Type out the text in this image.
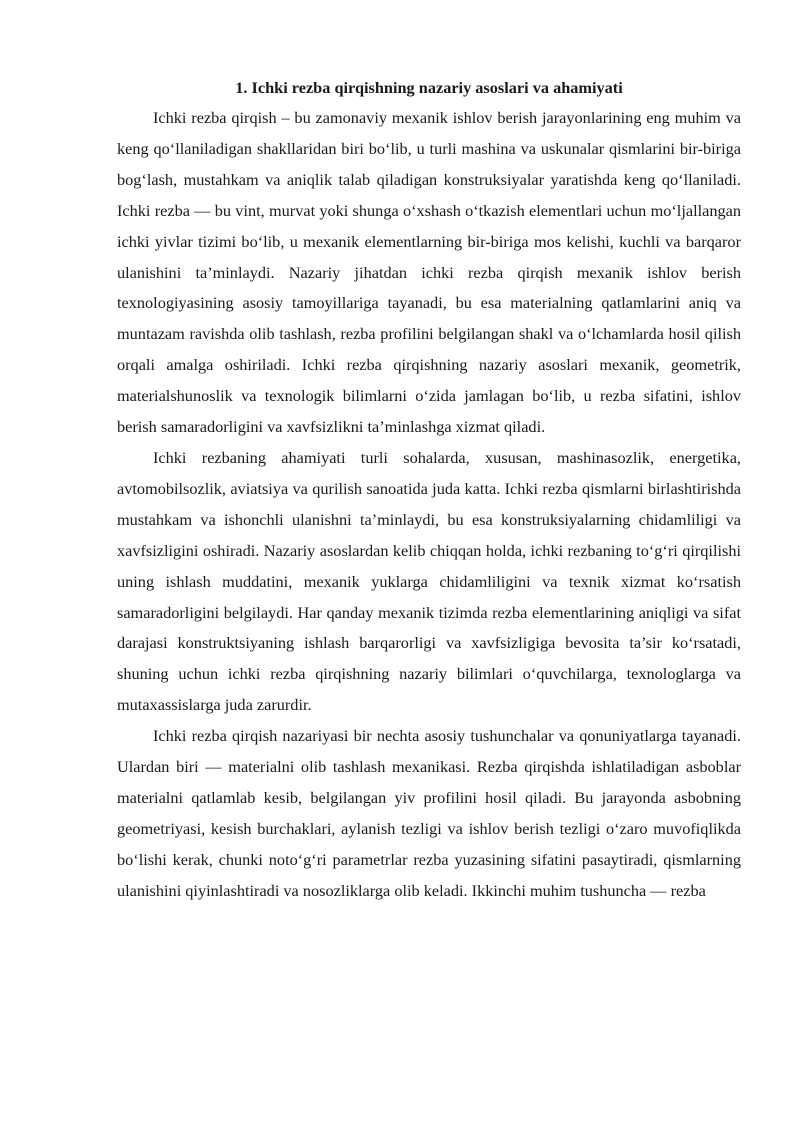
1. Ichki rezba qirqishning nazariy asoslari va ahamiyati

Ichki rezba qirqish – bu zamonaviy mexanik ishlov berish jarayonlarining eng muhim va keng qo‘llaniladigan shakllaridan biri bo‘lib, u turli mashina va uskunalar qismlarini bir-biriga bog‘lash, mustahkam va aniqlik talab qiladigan konstruksiyalar yaratishda keng qo‘llaniladi. Ichki rezba — bu vint, murvat yoki shunga o‘xshash o‘tkazish elementlari uchun mo‘ljallangan ichki yivlar tizimi bo‘lib, u mexanik elementlarning bir-biriga mos kelishi, kuchli va barqaror ulanishini ta’minlaydi. Nazariy jihatdan ichki rezba qirqish mexanik ishlov berish texnologiyasining asosiy tamoyillariga tayanadi, bu esa materialning qatlamlarini aniq va muntazam ravishda olib tashlash, rezba profilini belgilangan shakl va o‘lchamlarda hosil qilish orqali amalga oshiriladi. Ichki rezba qirqishning nazariy asoslari mexanik, geometrik, materialshunoslik va texnologik bilimlarni o‘zida jamlagan bo‘lib, u rezba sifatini, ishlov berish samaradorligini va xavfsizlikni ta’minlashga xizmat qiladi.

Ichki rezbaning ahamiyati turli sohalarda, xususan, mashinasozlik, energetika, avtomobilsozlik, aviatsiya va qurilish sanoatida juda katta. Ichki rezba qismlarni birlashtirishda mustahkam va ishonchli ulanishni ta’minlaydi, bu esa konstruksiyalarning chidamliligi va xavfsizligini oshiradi. Nazariy asoslardan kelib chiqqan holda, ichki rezbaning to‘g‘ri qirqilishi uning ishlash muddatini, mexanik yuklarga chidamliligini va texnik xizmat ko‘rsatish samaradorligini belgilaydi. Har qanday mexanik tizimda rezba elementlarining aniqligi va sifat darajasi konstruktsiyaning ishlash barqarorligi va xavfsizligiga bevosita ta’sir ko‘rsatadi, shuning uchun ichki rezba qirqishning nazariy bilimlari o‘quvchilarga, texnologlarga va mutaxassislarga juda zarurdir.

Ichki rezba qirqish nazariyasi bir nechta asosiy tushunchalar va qonuniyatlarga tayanadi. Ulardan biri — materialni olib tashlash mexanikasi. Rezba qirqishda ishlatiladigan asboblar materialni qatlamlab kesib, belgilangan yiv profilini hosil qiladi. Bu jarayonda asbobning geometriyasi, kesish burchaklari, aylanish tezligi va ishlov berish tezligi o‘zaro muvofiqlikda bo‘lishi kerak, chunki noto‘g‘ri parametrlar rezba yuzasining sifatini pasaytiradi, qismlarning ulanishini qiyinlashtiradi va nosozliklarga olib keladi. Ikkinchi muhim tushuncha — rezba
